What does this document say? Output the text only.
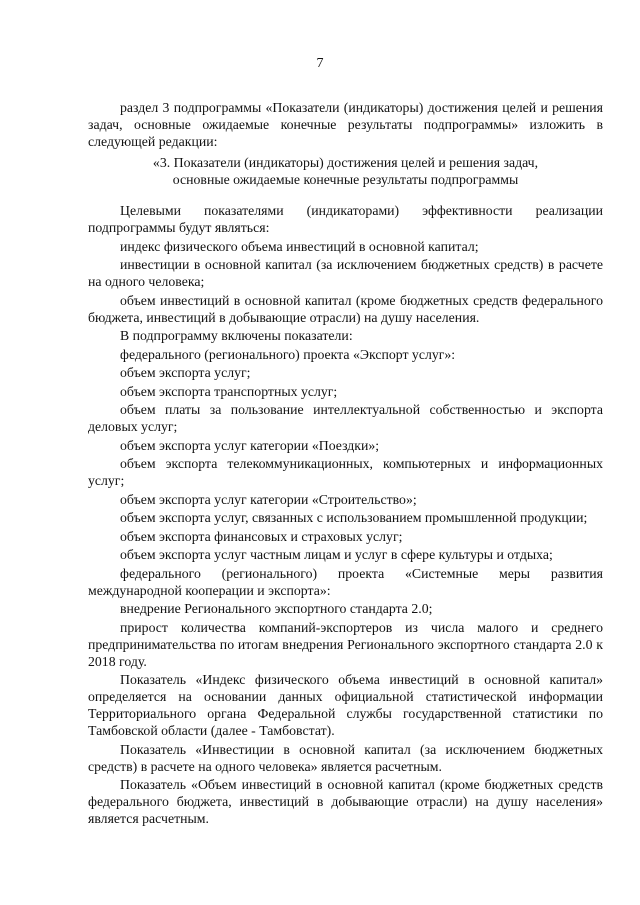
7

раздел 3 подпрограммы «Показатели (индикаторы) достижения целей и решения задач, основные ожидаемые конечные результаты подпрограммы» изложить в следующей редакции:

«3. Показатели (индикаторы) достижения целей и решения задач,
основные ожидаемые конечные результаты подпрограммы

Целевыми показателями (индикаторами) эффективности реализации подпрограммы будут являться:

индекс физического объема инвестиций в основной капитал;

инвестиции в основной капитал (за исключением бюджетных средств) в расчете на одного человека;

объем инвестиций в основной капитал (кроме бюджетных средств федерального бюджета, инвестиций в добывающие отрасли) на душу населения.

В подпрограмму включены показатели:

федерального (регионального) проекта «Экспорт услуг»:

объем экспорта услуг;

объем экспорта транспортных услуг;

объем платы за пользование интеллектуальной собственностью и экспорта деловых услуг;

объем экспорта услуг категории «Поездки»;

объем экспорта телекоммуникационных, компьютерных и информационных услуг;

объем экспорта услуг категории «Строительство»;

объем экспорта услуг, связанных с использованием промышленной продукции;

объем экспорта финансовых и страховых услуг;

объем экспорта услуг частным лицам и услуг в сфере культуры и отдыха;

федерального (регионального) проекта «Системные меры развития международной кооперации и экспорта»:

внедрение Регионального экспортного стандарта 2.0;

прирост количества компаний-экспортеров из числа малого и среднего предпринимательства по итогам внедрения Регионального экспортного стандарта 2.0 к 2018 году.

Показатель «Индекс физического объема инвестиций в основной капитал» определяется на основании данных официальной статистической информации Территориального органа Федеральной службы государственной статистики по Тамбовской области (далее - Тамбовстат).

Показатель «Инвестиции в основной капитал (за исключением бюджетных средств) в расчете на одного человека» является расчетным.

Показатель «Объем инвестиций в основной капитал (кроме бюджетных средств федерального бюджета, инвестиций в добывающие отрасли) на душу населения» является расчетным.
